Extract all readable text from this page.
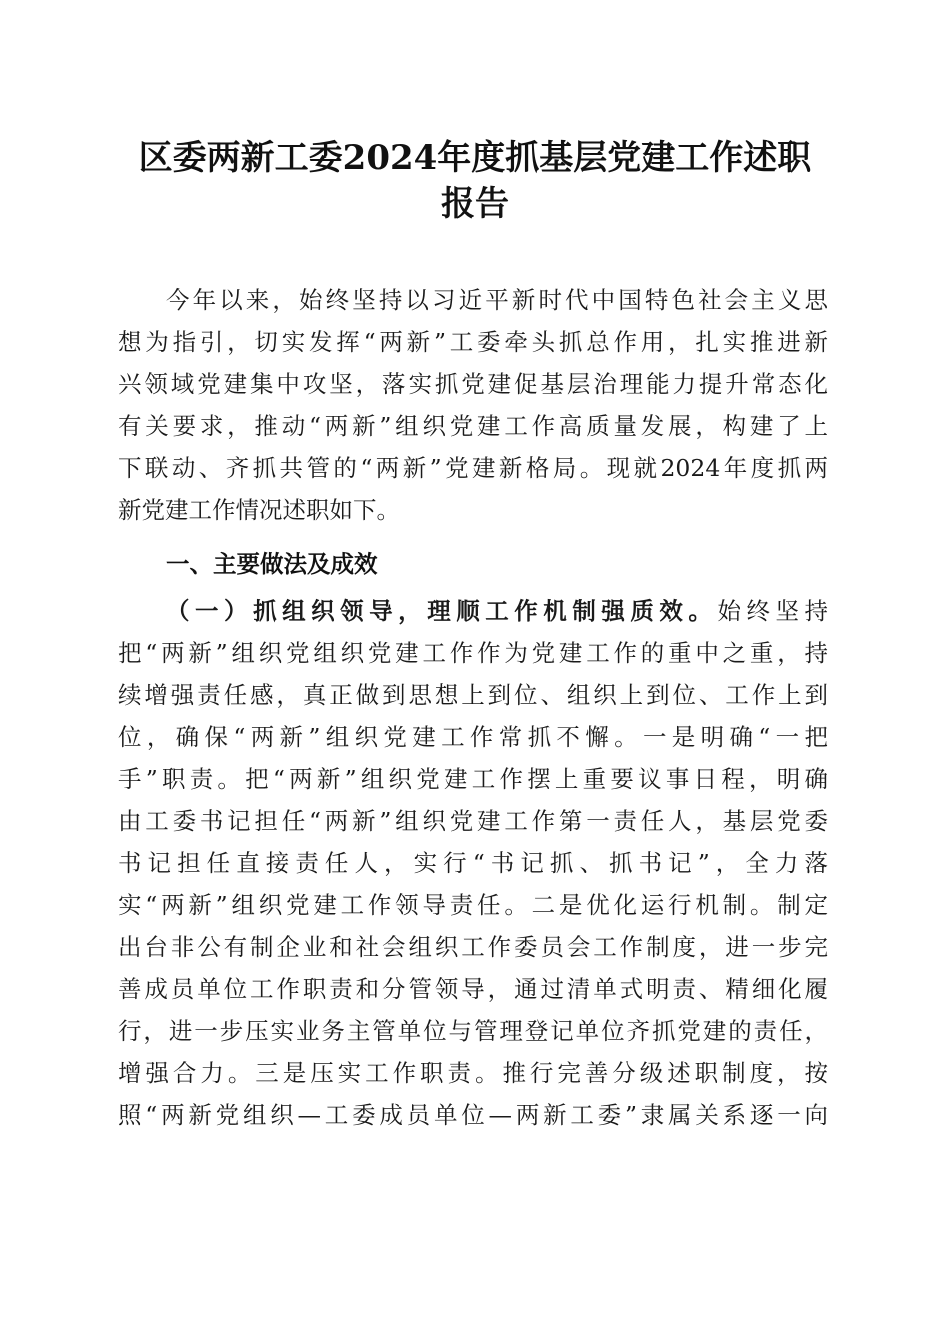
区委两新工委2024年度抓基层党建工作述职
报告
今年以来，始终坚持以习近平新时代中国特色社会主义思
想为指引，切实发挥“两新”工委牵头抓总作用，扎实推进新
兴领域党建集中攻坚，落实抓党建促基层治理能力提升常态化
有关要求，推动“两新”组织党建工作高质量发展，构建了上
下联动、齐抓共管的“两新”党建新格局。现就2024年度抓两
新党建工作情况述职如下。
一、主要做法及成效
（一）抓组织领导，理顺工作机制强质效。始终坚持
把“两新”组织党组织党建工作作为党建工作的重中之重，持
续增强责任感，真正做到思想上到位、组织上到位、工作上到
位，确保“两新”组织党建工作常抓不懈。一是明确“一把
手”职责。把“两新”组织党建工作摆上重要议事日程，明确
由工委书记担任“两新”组织党建工作第一责任人，基层党委
书记担任直接责任人，实行“书记抓、抓书记”，全力落
实“两新”组织党建工作领导责任。二是优化运行机制。制定
出台非公有制企业和社会组织工作委员会工作制度，进一步完
善成员单位工作职责和分管领导，通过清单式明责、精细化履
行，进一步压实业务主管单位与管理登记单位齐抓党建的责任，
增强合力。三是压实工作职责。推行完善分级述职制度，按
照“两新党组织—工委成员单位—两新工委”隶属关系逐一向
